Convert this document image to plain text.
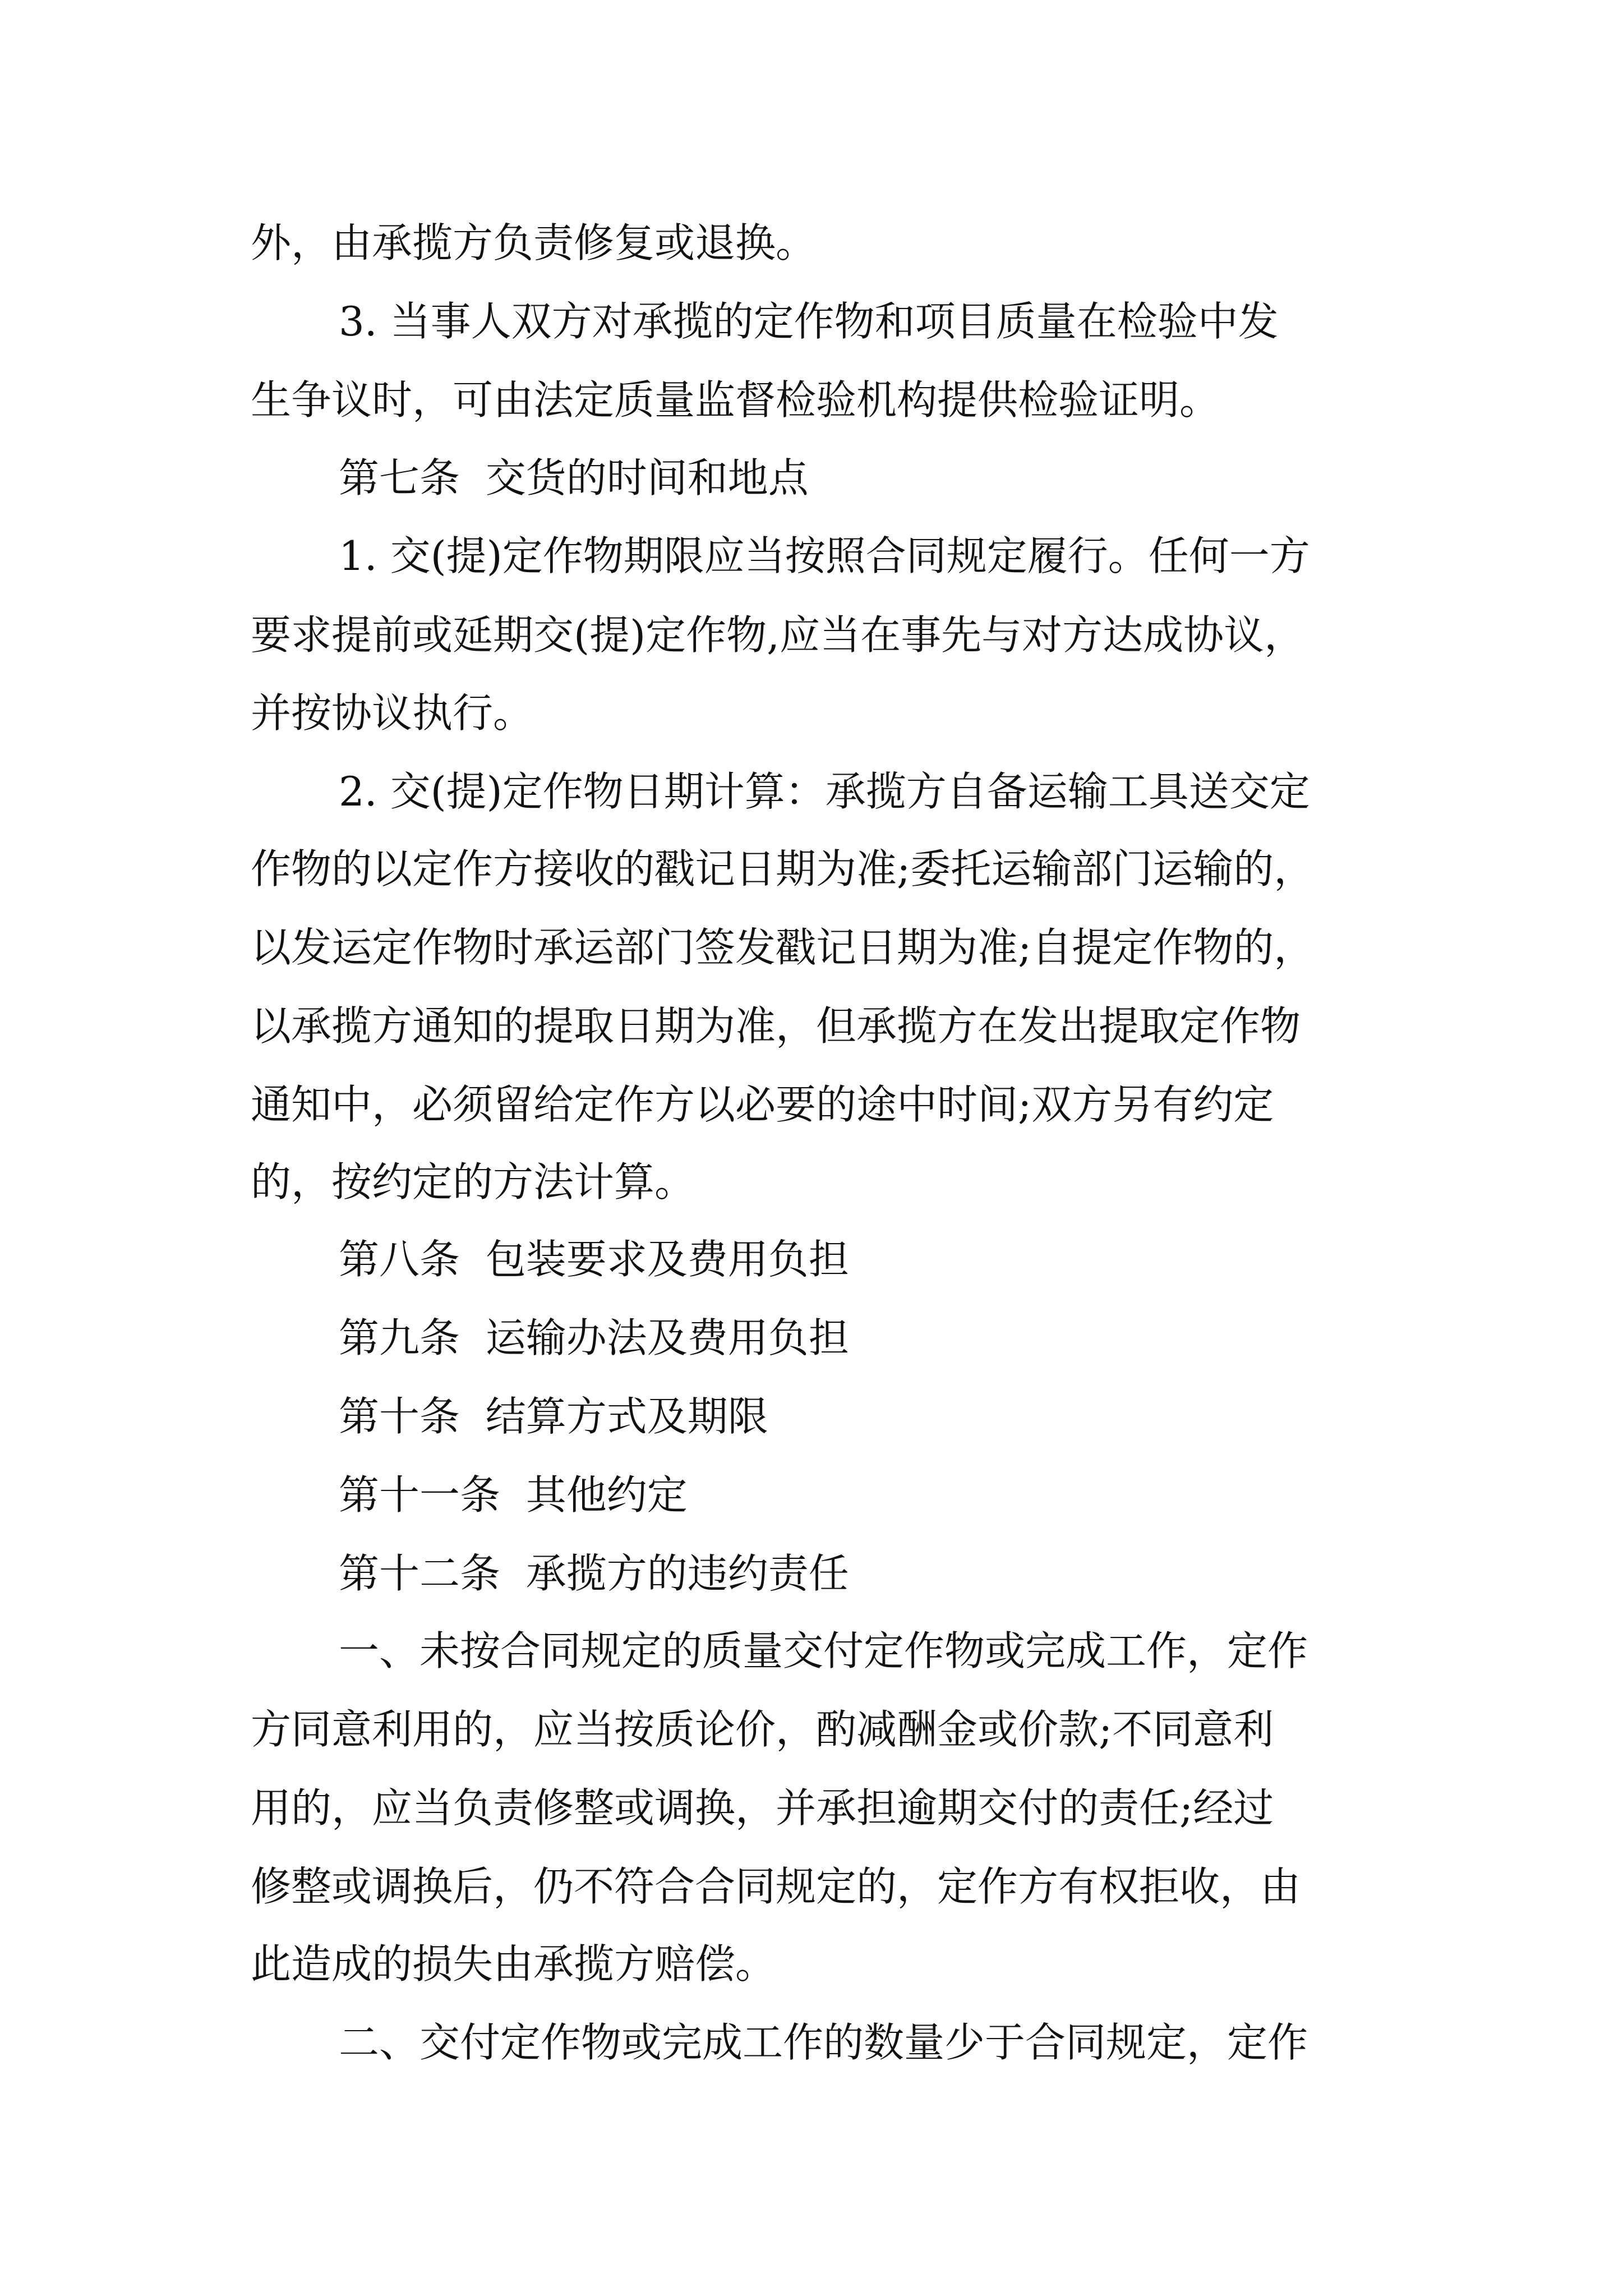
外，由承揽方负责修复或退换。
3. 当事人双方对承揽的定作物和项目质量在检验中发
生争议时，可由法定质量监督检验机构提供检验证明。
第七条  交货的时间和地点
1. 交(提)定作物期限应当按照合同规定履行。任何一方
要求提前或延期交(提)定作物,应当在事先与对方达成协议，
并按协议执行。
2. 交(提)定作物日期计算：承揽方自备运输工具送交定
作物的以定作方接收的戳记日期为准;委托运输部门运输的，
以发运定作物时承运部门签发戳记日期为准;自提定作物的，
以承揽方通知的提取日期为准，但承揽方在发出提取定作物
通知中，必须留给定作方以必要的途中时间;双方另有约定
的，按约定的方法计算。
第八条  包装要求及费用负担
第九条  运输办法及费用负担
第十条  结算方式及期限
第十一条  其他约定
第十二条  承揽方的违约责任
一、未按合同规定的质量交付定作物或完成工作，定作
方同意利用的，应当按质论价，酌减酬金或价款;不同意利
用的，应当负责修整或调换，并承担逾期交付的责任;经过
修整或调换后，仍不符合合同规定的，定作方有权拒收，由
此造成的损失由承揽方赔偿。
二、交付定作物或完成工作的数量少于合同规定，定作
